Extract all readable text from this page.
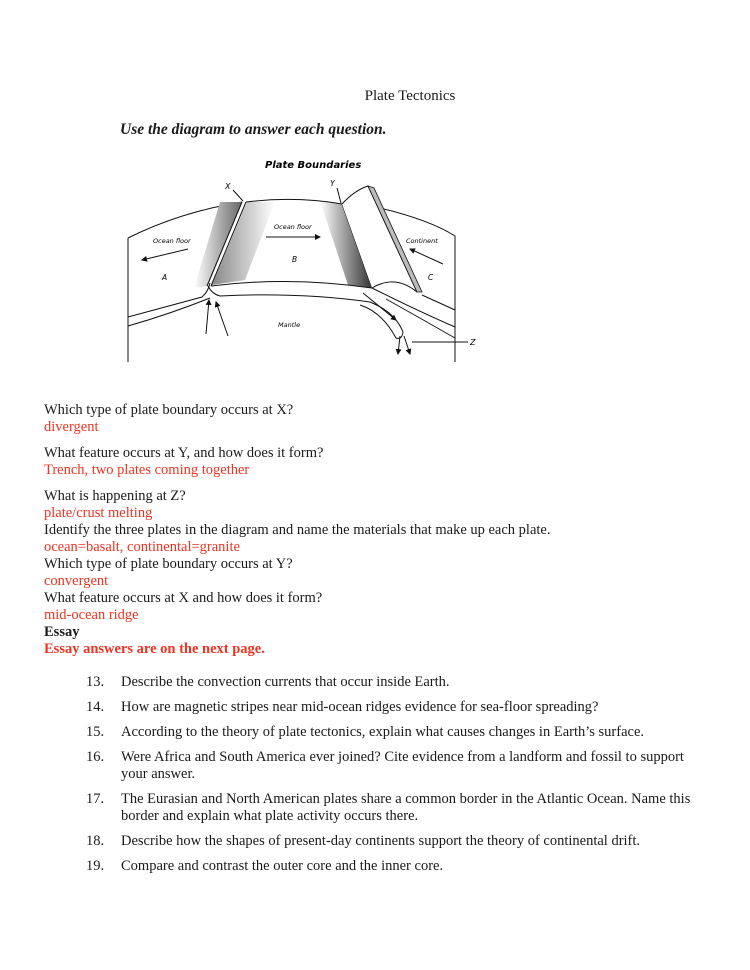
Plate Tectonics
Use the diagram to answer each question.
Plate Boundaries
X	Y
Z
Ocean floor
Ocean floor
Continent
A
B
C
Mantle
Which type of plate boundary occurs at X?
divergent
What feature occurs at Y, and how does it form?
Trench, two plates coming together
What is happening at Z?
plate/crust melting
Identify the three plates in the diagram and name the materials that make up each plate.
ocean=basalt, continental=granite
Which type of plate boundary occurs at Y?
convergent
What feature occurs at X and how does it form?
mid-ocean ridge
Essay
Essay answers are on the next page.
13.	Describe the convection currents that occur inside Earth.
14.	How are magnetic stripes near mid-ocean ridges evidence for sea-floor spreading?
15.	According to the theory of plate tectonics, explain what causes changes in Earth’s surface.
16.	Were Africa and South America ever joined? Cite evidence from a landform and fossil to support your answer.
17.	The Eurasian and North American plates share a common border in the Atlantic Ocean. Name this border and explain what plate activity occurs there.
18.	Describe how the shapes of present-day continents support the theory of continental drift.
19.	Compare and contrast the outer core and the inner core.
